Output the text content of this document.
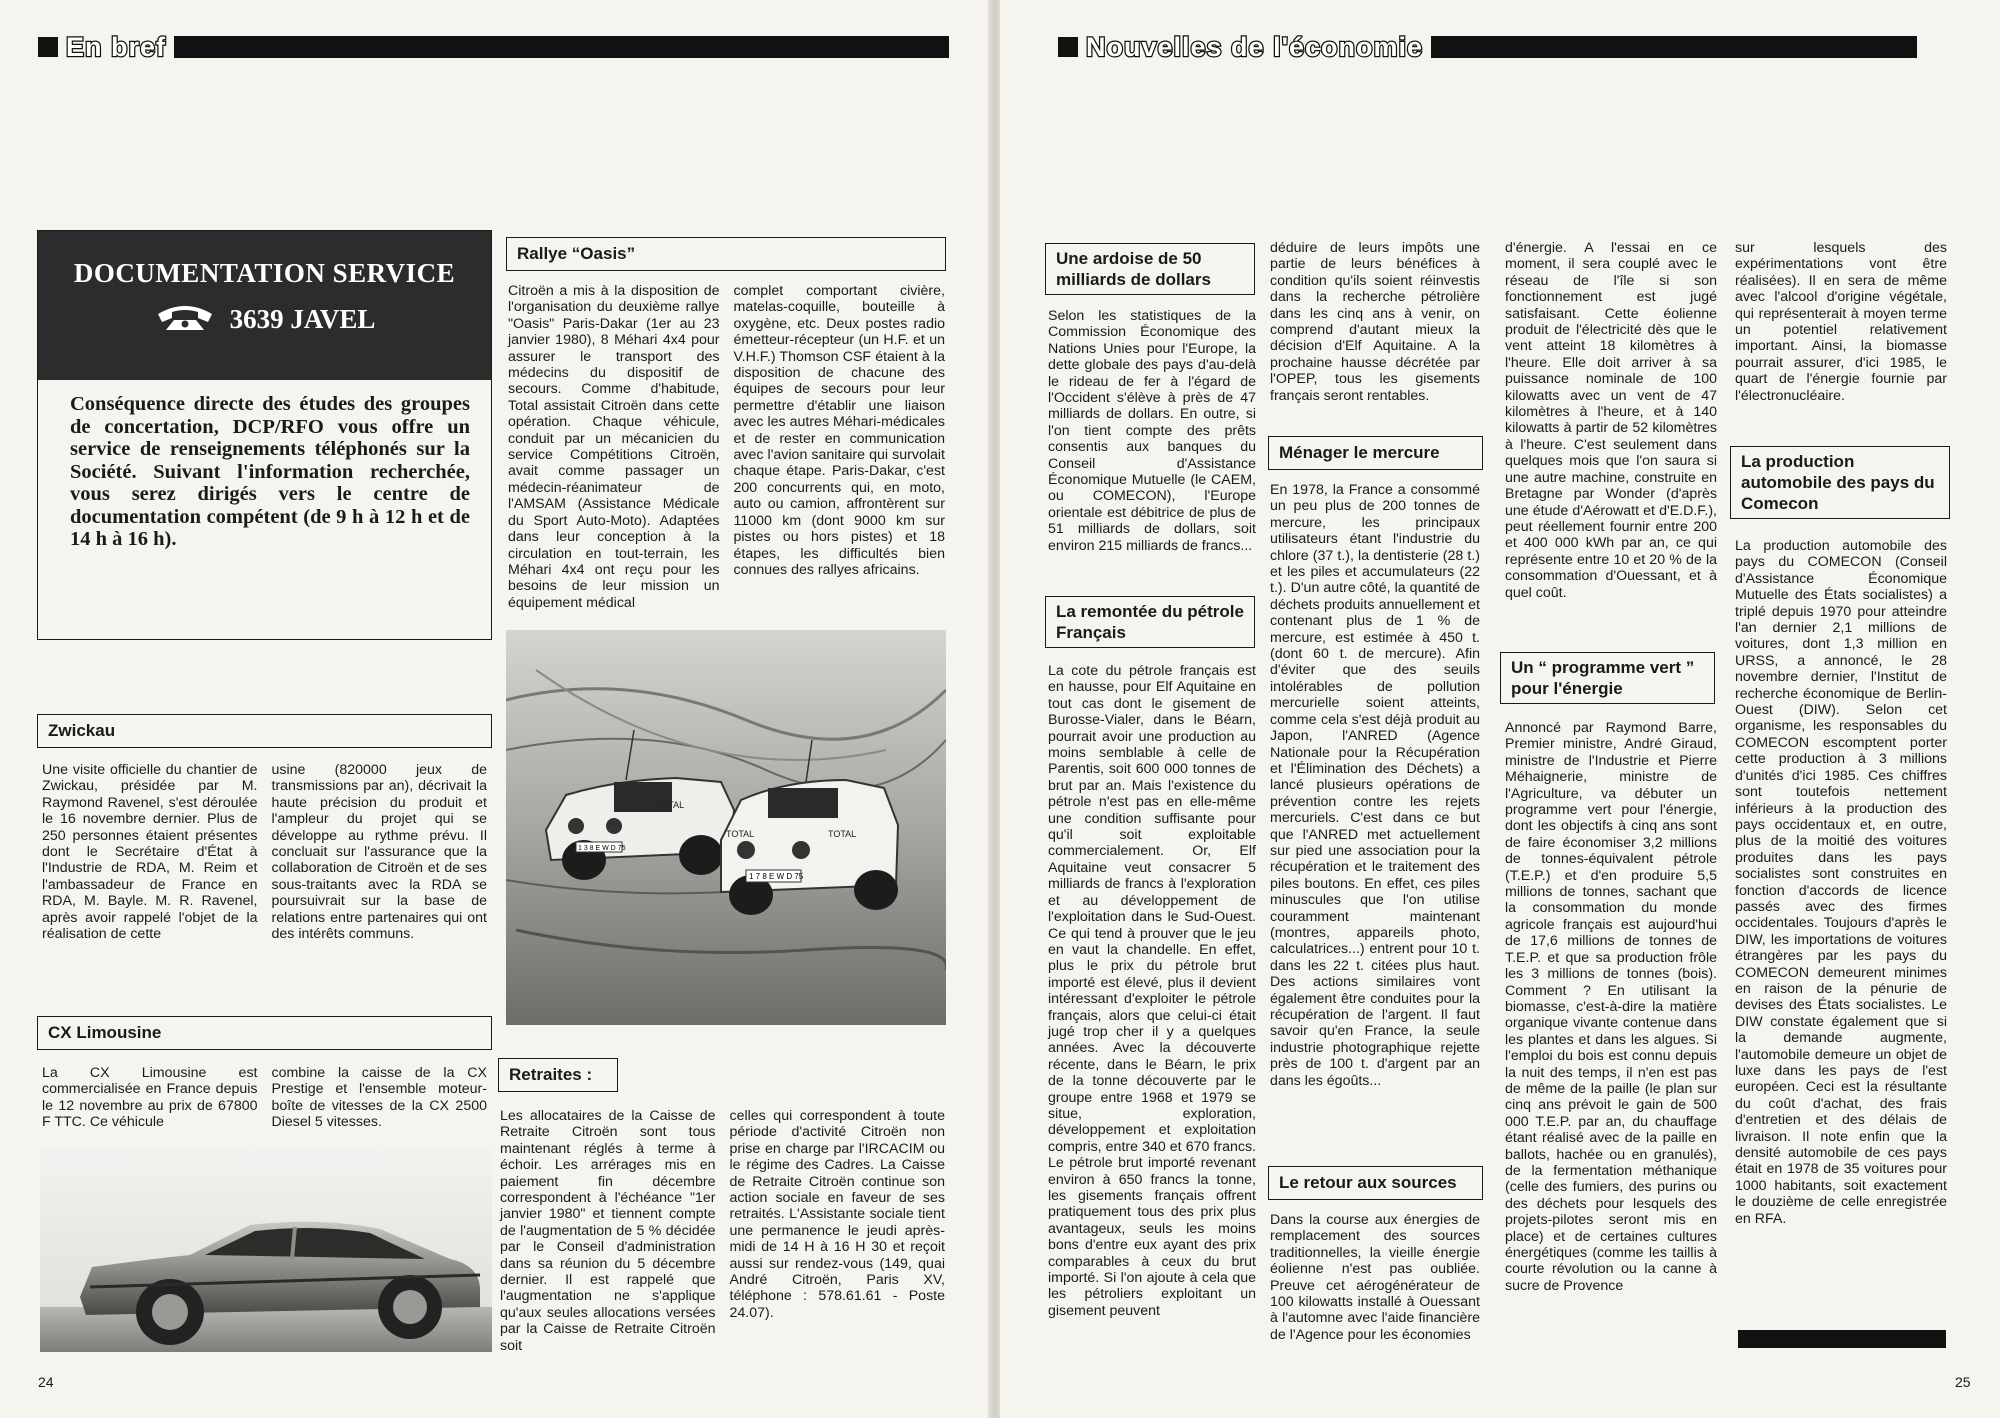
En bref
DOCUMENTATION SERVICE
3639 JAVEL
Conséquence directe des études des groupes de concertation, DCP/RFO vous offre un service de renseignements téléphonés sur la Société. Suivant l'information recherchée, vous serez dirigés vers le centre de documentation compétent (de 9 h à 12 h et de 14 h à 16 h).
Zwickau
Une visite officielle du chantier de Zwickau, présidée par M. Raymond Ravenel, s'est déroulée le 16 novembre dernier. Plus de 250 personnes étaient présentes dont le Secrétaire d'État à l'Industrie de RDA, M. Reim et l'ambassadeur de France en RDA, M. Bayle. M. R. Ravenel, après avoir rappelé l'objet de la réalisation de cette
usine (820000 jeux de transmissions par an), décrivait la haute précision du produit et l'ampleur du projet qui se développe au rythme prévu. Il concluait sur l'assurance que la collaboration de Citroën et de ses sous-traitants avec la RDA se poursuivrait sur la base de relations entre partenaires qui ont des intérêts communs.
CX Limousine
La CX Limousine est commercialisée en France depuis le 12 novembre au prix de 67800 F TTC. Ce véhicule
combine la caisse de la CX Prestige et l'ensemble moteur-boîte de vitesses de la CX 2500 Diesel 5 vitesses.
Rallye “Oasis”
Citroën a mis à la disposition de l'organisation du deuxième rallye "Oasis" Paris-Dakar (1er au 23 janvier 1980), 8 Méhari 4x4 pour assurer le transport des médecins du dispositif de secours. Comme d'habitude, Total assistait Citroën dans cette opération. Chaque véhicule, conduit par un mécanicien du service Compétitions Citroën, avait comme passager un médecin-réanimateur de l'AMSAM (Assistance Médicale du Sport Auto-Moto). Adaptées dans leur conception à la circulation en tout-terrain, les Méhari 4x4 ont reçu pour les besoins de leur mission un équipement médical
complet comportant civière, matelas-coquille, bouteille à oxygène, etc. Deux postes radio émetteur-récepteur (un H.F. et un V.H.F.) Thomson CSF étaient à la disposition de chacune des équipes de secours pour leur permettre d'établir une liaison avec les autres Méhari-médicales et de rester en communication avec l'avion sanitaire qui survolait chaque étape. Paris-Dakar, c'est 200 concurrents qui, en moto, auto ou camion, affrontèrent sur 11000 km (dont 9000 km sur pistes ou hors pistes) et 18 étapes, les difficultés bien connues des rallyes africains.
1 3 8 E W D 75
TOTAL
1 7 8 E W D 75
TOTAL	TOTAL
Retraites :
Les allocataires de la Caisse de Retraite Citroën sont tous maintenant réglés à terme à échoir. Les arrérages mis en paiement fin décembre correspondent à l'échéance "1er janvier 1980" et tiennent compte de l'augmentation de 5 % décidée par le Conseil d'administration dans sa réunion du 5 décembre dernier. Il est rappelé que l'augmentation ne s'applique qu'aux seules allocations versées par la Caisse de Retraite Citroën soit
celles qui correspondent à toute période d'activité Citroën non prise en charge par l'IRCACIM ou le régime des Cadres. La Caisse de Retraite Citroën continue son action sociale en faveur de ses retraités. L'Assistante sociale tient une permanence le jeudi après-midi de 14 H à 16 H 30 et reçoit aussi sur rendez-vous (149, quai André Citroën, Paris XV, téléphone : 578.61.61 - Poste 24.07).
24
Nouvelles de l'économie
Une ardoise de 50 milliards de dollars
Selon les statistiques de la Commission Économique des Nations Unies pour l'Europe, la dette globale des pays d'au-delà le rideau de fer à l'égard de l'Occident s'élève à près de 47 milliards de dollars. En outre, si l'on tient compte des prêts consentis aux banques du Conseil d'Assistance Économique Mutuelle (le CAEM, ou COMECON), l'Europe orientale est débitrice de plus de 51 milliards de dollars, soit environ 215 milliards de francs...
La remontée du pétrole Français
La cote du pétrole français est en hausse, pour Elf Aquitaine en tout cas dont le gisement de Burosse-Vialer, dans le Béarn, pourrait avoir une production au moins semblable à celle de Parentis, soit 600 000 tonnes de brut par an. Mais l'existence du pétrole n'est pas en elle-même une condition suffisante pour qu'il soit exploitable commercialement. Or, Elf Aquitaine veut consacrer 5 milliards de francs à l'exploration et au développement de l'exploitation dans le Sud-Ouest. Ce qui tend à prouver que le jeu en vaut la chandelle. En effet, plus le prix du pétrole brut importé est élevé, plus il devient intéressant d'exploiter le pétrole français, alors que celui-ci était jugé trop cher il y a quelques années. Avec la découverte récente, dans le Béarn, le prix de la tonne découverte par le groupe entre 1968 et 1979 se situe, exploration, développement et exploitation compris, entre 340 et 670 francs. Le pétrole brut importé revenant environ à 650 francs la tonne, les gisements français offrent pratiquement tous des prix plus avantageux, seuls les moins bons d'entre eux ayant des prix comparables à ceux du brut importé. Si l'on ajoute à cela que les pétroliers exploitant un gisement peuvent
déduire de leurs impôts une partie de leurs bénéfices à condition qu'ils soient réinvestis dans la recherche pétrolière dans les cinq ans à venir, on comprend d'autant mieux la décision d'Elf Aquitaine. A la prochaine hausse décrétée par l'OPEP, tous les gisements français seront rentables.
Ménager le mercure
En 1978, la France a consommé un peu plus de 200 tonnes de mercure, les principaux utilisateurs étant l'industrie du chlore (37 t.), la dentisterie (28 t.) et les piles et accumulateurs (22 t.). D'un autre côté, la quantité de déchets produits annuellement et contenant plus de 1 % de mercure, est estimée à 450 t. (dont 60 t. de mercure). Afin d'éviter que des seuils intolérables de pollution mercurielle soient atteints, comme cela s'est déjà produit au Japon, l'ANRED (Agence Nationale pour la Récupération et l'Élimination des Déchets) a lancé plusieurs opérations de prévention contre les rejets mercuriels. C'est dans ce but que l'ANRED met actuellement sur pied une association pour la récupération et le traitement des piles boutons. En effet, ces piles minuscules que l'on utilise couramment maintenant (montres, appareils photo, calculatrices...) entrent pour 10 t. dans les 22 t. citées plus haut. Des actions similaires vont également être conduites pour la récupération de l'argent. Il faut savoir qu'en France, la seule industrie photographique rejette près de 100 t. d'argent par an dans les égoûts...
Le retour aux sources
Dans la course aux énergies de remplacement des sources traditionnelles, la vieille énergie éolienne n'est pas oubliée. Preuve cet aérogénérateur de 100 kilowatts installé à Ouessant à l'automne avec l'aide financière de l'Agence pour les économies
d'énergie. A l'essai en ce moment, il sera couplé avec le réseau de l'île si son fonctionnement est jugé satisfaisant. Cette éolienne produit de l'électricité dès que le vent atteint 18 kilomètres à l'heure. Elle doit arriver à sa puissance nominale de 100 kilowatts avec un vent de 47 kilomètres à l'heure, et à 140 kilowatts à partir de 52 kilomètres à l'heure. C'est seulement dans quelques mois que l'on saura si une autre machine, construite en Bretagne par Wonder (d'après une étude d'Aérowatt et d'E.D.F.), peut réellement fournir entre 200 et 400 000 kWh par an, ce qui représente entre 10 et 20 % de la consommation d'Ouessant, et à quel coût.
Un “ programme vert ” pour l'énergie
Annoncé par Raymond Barre, Premier ministre, André Giraud, ministre de l'Industrie et Pierre Méhaignerie, ministre de l'Agriculture, va débuter un programme vert pour l'énergie, dont les objectifs à cinq ans sont de faire économiser 3,2 millions de tonnes-équivalent pétrole (T.E.P.) et d'en produire 5,5 millions de tonnes, sachant que la consommation du monde agricole français est aujourd'hui de 17,6 millions de tonnes de T.E.P. et que sa production frôle les 3 millions de tonnes (bois). Comment ? En utilisant la biomasse, c'est-à-dire la matière organique vivante contenue dans les plantes et dans les algues. Si l'emploi du bois est connu depuis la nuit des temps, il n'en est pas de même de la paille (le plan sur cinq ans prévoit le gain de 500 000 T.E.P. par an, du chauffage étant réalisé avec de la paille en ballots, hachée ou en granulés), de la fermentation méthanique (celle des fumiers, des purins ou des déchets pour lesquels des projets-pilotes seront mis en place) et de certaines cultures énergétiques (comme les taillis à courte révolution ou la canne à sucre de Provence
sur lesquels des expérimentations vont être réalisées). Il en sera de même avec l'alcool d'origine végétale, qui représenterait à moyen terme un potentiel relativement important. Ainsi, la biomasse pourrait assurer, d'ici 1985, le quart de l'énergie fournie par l'électronucléaire.
La production automobile des pays du Comecon
La production automobile des pays du COMECON (Conseil d'Assistance Économique Mutuelle des États socialistes) a triplé depuis 1970 pour atteindre l'an dernier 2,1 millions de voitures, dont 1,3 million en URSS, a annoncé, le 28 novembre dernier, l'Institut de recherche économique de Berlin-Ouest (DIW). Selon cet organisme, les responsables du COMECON escomptent porter cette production à 3 millions d'unités d'ici 1985. Ces chiffres sont toutefois nettement inférieurs à la production des pays occidentaux et, en outre, plus de la moitié des voitures produites dans les pays socialistes sont construites en fonction d'accords de licence passés avec des firmes occidentales. Toujours d'après le DIW, les importations de voitures étrangères par les pays du COMECON demeurent minimes en raison de la pénurie de devises des États socialistes. Le DIW constate également que si la demande augmente, l'automobile demeure un objet de luxe dans les pays de l'est européen. Ceci est la résultante du coût d'achat, des frais d'entretien et des délais de livraison. Il note enfin que la densité automobile de ces pays était en 1978 de 35 voitures pour 1000 habitants, soit exactement le douzième de celle enregistrée en RFA.
25
